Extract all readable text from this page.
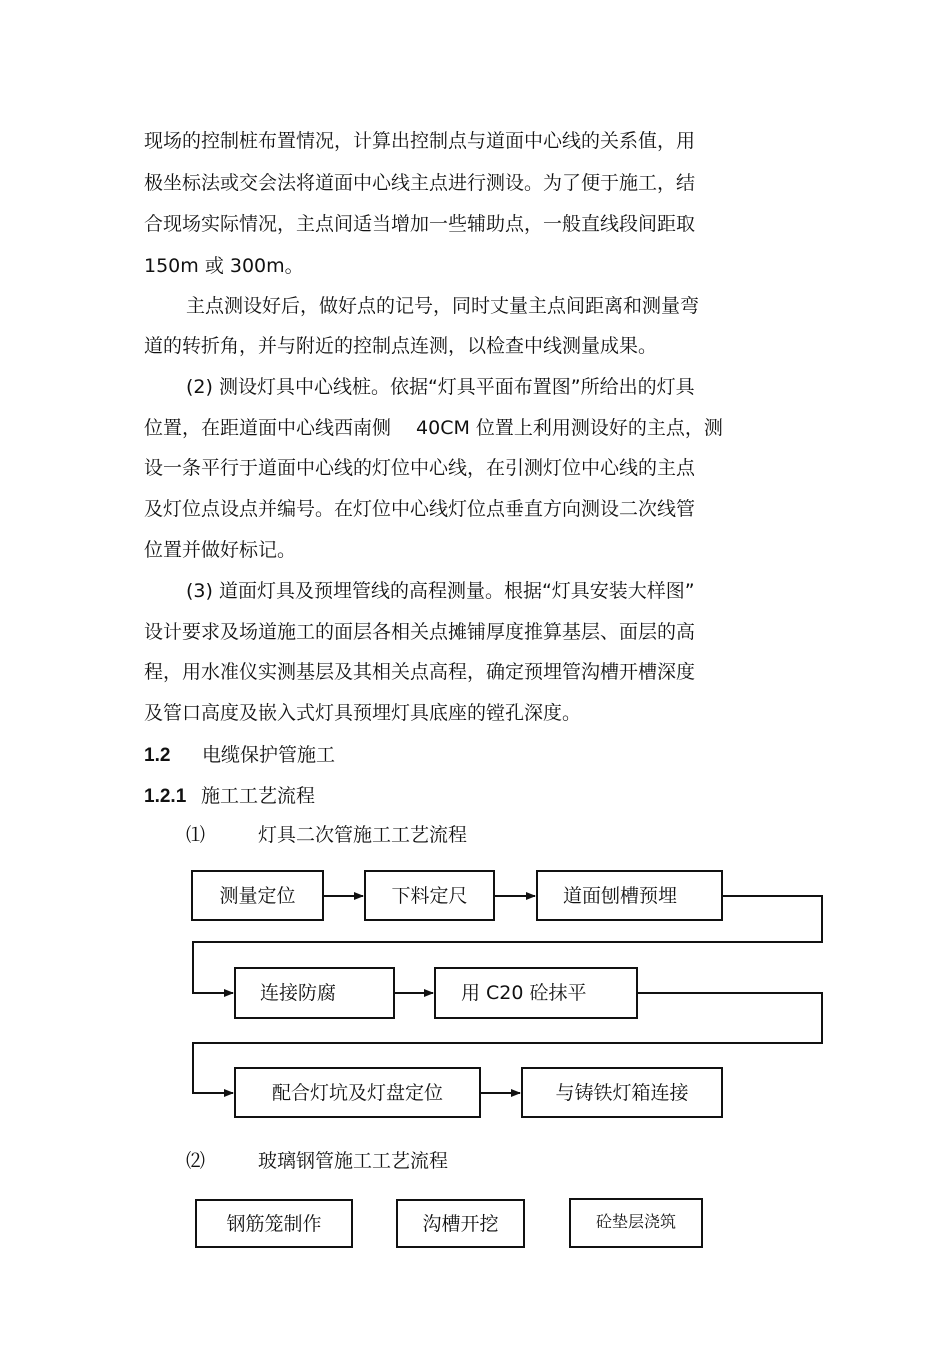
现场的控制桩布置情况，计算出控制点与道面中心线的关系值，用
极坐标法或交会法将道面中心线主点进行测设。为了便于施工，结
合现场实际情况，主点间适当增加一些辅助点，一般直线段间距取
150m 或 300m。
主点测设好后，做好点的记号，同时丈量主点间距离和测量弯
道的转折角，并与附近的控制点连测，以检查中线测量成果。
(2) 测设灯具中心线桩。依据“灯具平面布置图”所给出的灯具
位置，在距道面中心线西南侧　 40CM 位置上利用测设好的主点，测
设一条平行于道面中心线的灯位中心线，在引测灯位中心线的主点
及灯位点设点并编号。在灯位中心线灯位点垂直方向测设二次线管
位置并做好标记。
(3) 道面灯具及预埋管线的高程测量。根据“灯具安装大样图”
设计要求及场道施工的面层各相关点摊铺厚度推算基层、面层的高
程，用水准仪实测基层及其相关点高程，确定预埋管沟槽开槽深度
及管口高度及嵌入式灯具预埋灯具底座的镗孔深度。
1.2 电缆保护管施工
1.2.1 施工工艺流程
⑴	灯具二次管施工工艺流程
测量定位	下料定尺	道面刨槽预埋
连接防腐	用 C20 砼抹平
配合灯坑及灯盘定位	与铸铁灯箱连接
⑵	玻璃钢管施工工艺流程
钢筋笼制作	沟槽开挖	砼垫层浇筑
